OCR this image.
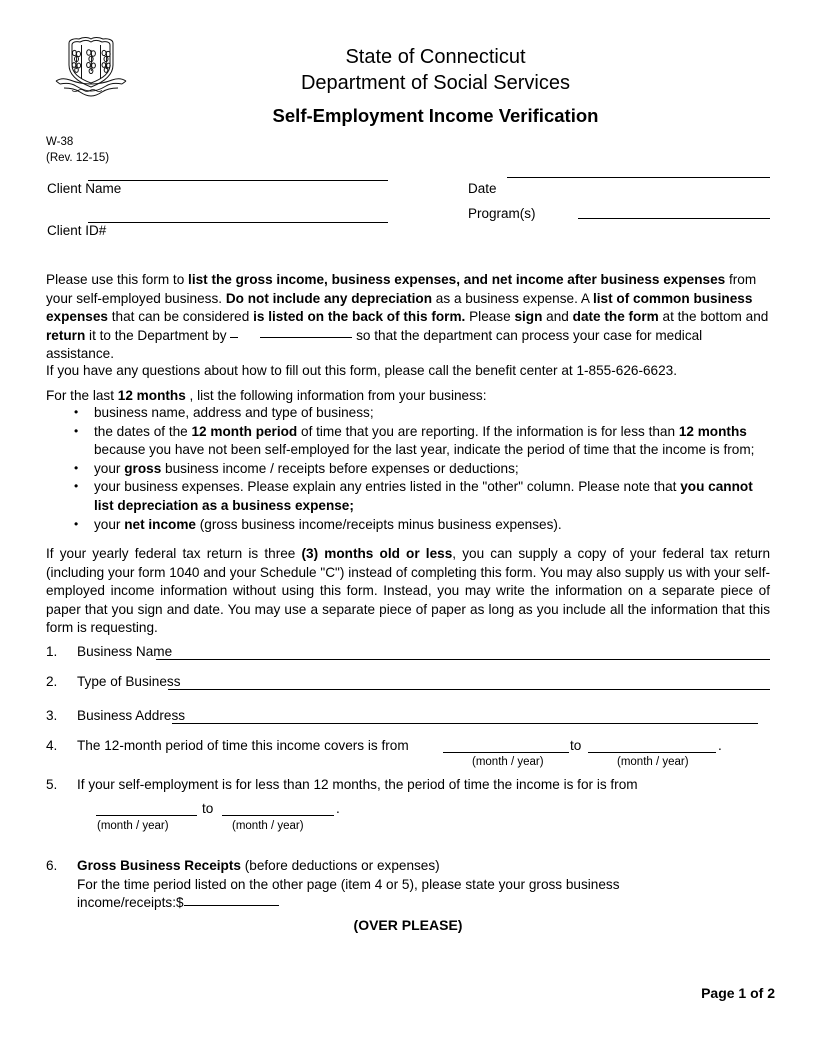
W-38
(Rev. 12-15)
State of Connecticut
Department of Social Services
Self-Employment Income Verification
Client Name
Client ID#
Date
Program(s)
Please use this form to list the gross income, business expenses, and net income after business expenses from your self-employed business. Do not include any depreciation as a business expense. A list of common business expenses that can be considered is listed on the back of this form. Please sign and date the form at the bottom and return it to the Department by	so that the department can process your case for medical assistance.
If you have any questions about how to fill out this form, please call the benefit center at 1-855-626-6623.
For the last 12 months , list the following information from your business:
• business name, address and type of business;
• the dates of the 12 month period of time that you are reporting. If the information is for less than 12 months because you have not been self-employed for the last year, indicate the period of time that the income is from;
• your gross business income / receipts before expenses or deductions;
• your business expenses. Please explain any entries listed in the "other" column. Please note that you cannot list depreciation as a business expense;
• your net income (gross business income/receipts minus business expenses).
If your yearly federal tax return is three (3) months old or less, you can supply a copy of your federal tax return (including your form 1040 and your Schedule "C") instead of completing this form. You may also supply us with your self-employed income information without using this form. Instead, you may write the information on a separate piece of paper that you sign and date. You may use a separate piece of paper as long as you include all the information that this form is requesting.
1.	Business Name
2.	Type of Business
3.	Business Address
4.	The 12-month period of time this income covers is from	to	.
(month / year)	(month / year)
5.	If your self-employment is for less than 12 months, the period of time the income is for is from
to	.
(month / year)	(month / year)
6.	Gross Business Receipts (before deductions or expenses)
For the time period listed on the other page (item 4 or 5), please state your gross business
income/receipts:$
(OVER PLEASE)
Page 1 of 2
